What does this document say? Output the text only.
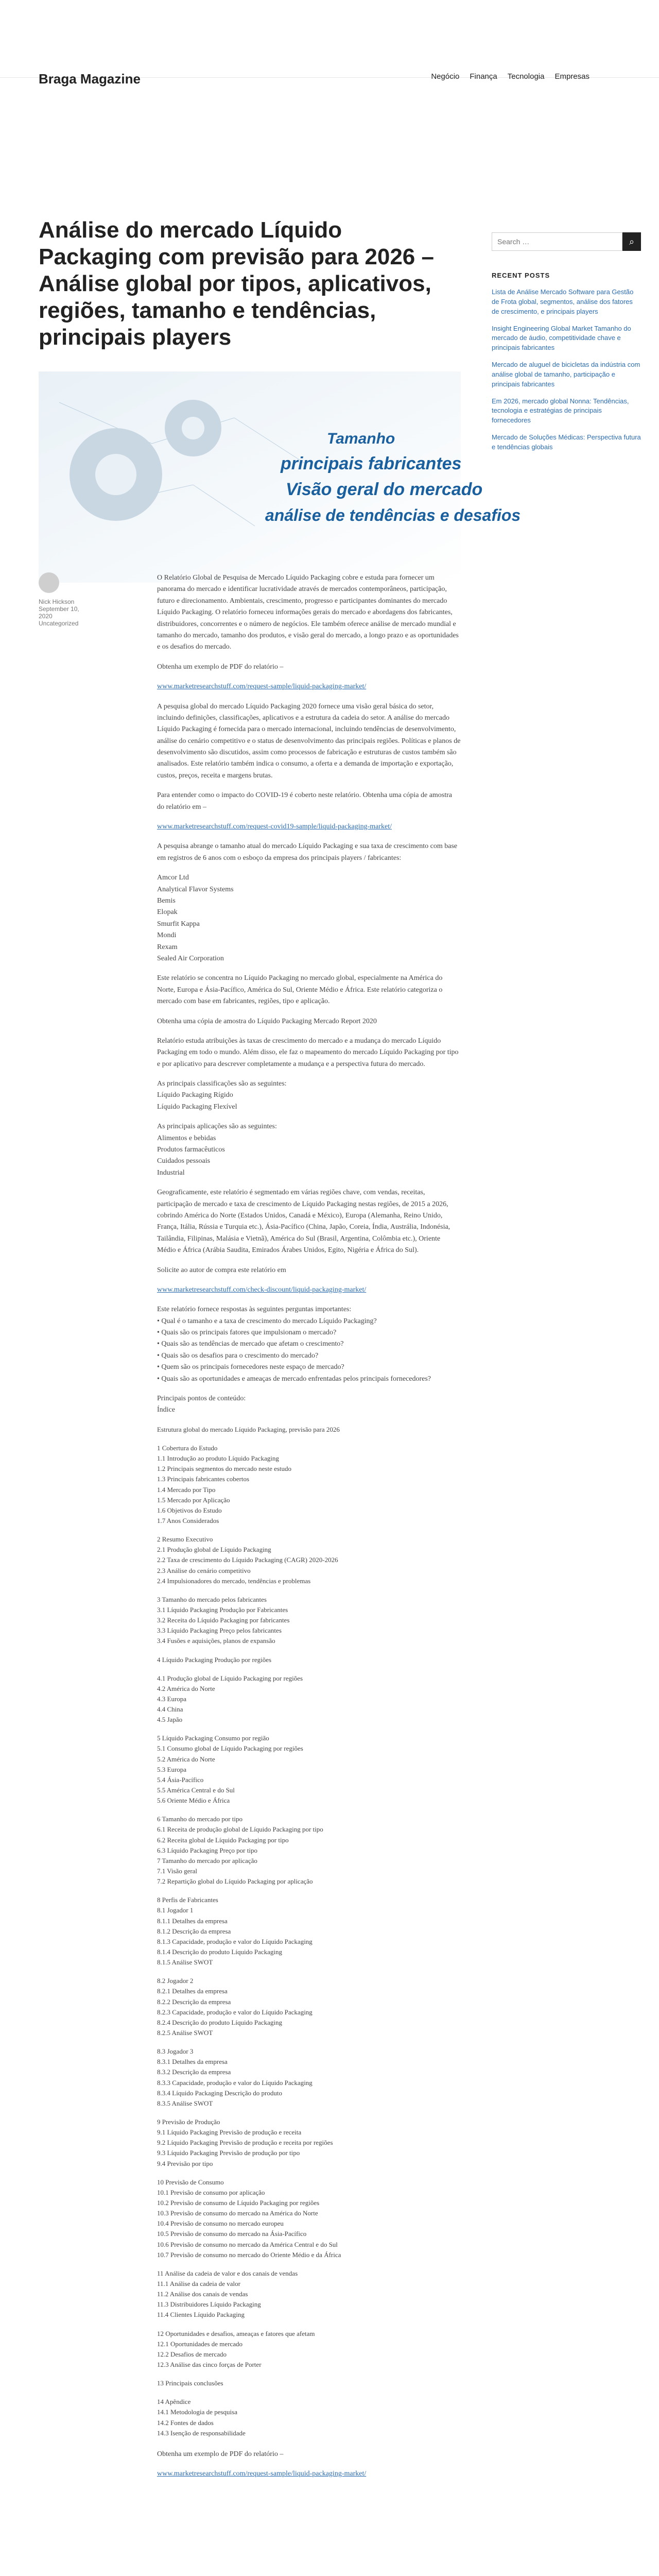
Braga Magazine	Negócio Finança Tecnologia Empresas
Análise do mercado Líquido Packaging com previsão para 2026 – Análise global por tipos, aplicativos, regiões, tamanho e tendências, principais players
Tamanho
principais fabricantes
Visão geral do mercado
análise de tendências e desafios
Nick Hickson
September 10, 2020
Uncategorized

O Relatório Global de Pesquisa de Mercado Líquido Packaging cobre e estuda para fornecer um panorama do mercado e identificar lucratividade através de mercados contemporâneos, participação, futuro e direcionamento. Ambientais, crescimento, progresso e participantes dominantes do mercado Líquido Packaging. O relatório forneceu informações gerais do mercado e abordagens dos fabricantes, distribuidores, concorrentes e o número de negócios. Ele também oferece análise de mercado mundial e tamanho do mercado, tamanho dos produtos, e visão geral do mercado, a longo prazo e as oportunidades e os desafios do mercado.

Obtenha um exemplo de PDF do relatório –

www.marketresearchstuff.com/request-sample/liquid-packaging-market/

A pesquisa global do mercado Líquido Packaging 2020 fornece uma visão geral básica do setor, incluindo definições, classificações, aplicativos e a estrutura da cadeia do setor. A análise do mercado Líquido Packaging é fornecida para o mercado internacional, incluindo tendências de desenvolvimento, análise do cenário competitivo e o status de desenvolvimento das principais regiões. Políticas e planos de desenvolvimento são discutidos, assim como processos de fabricação e estruturas de custos também são analisados. Este relatório também indica o consumo, a oferta e a demanda de importação e exportação, custos, preços, receita e margens brutas.

Para entender como o impacto do COVID-19 é coberto neste relatório. Obtenha uma cópia de amostra do relatório em –

www.marketresearchstuff.com/request-covid19-sample/liquid-packaging-market/

A pesquisa abrange o tamanho atual do mercado Líquido Packaging e sua taxa de crescimento com base em registros de 6 anos com o esboço da empresa dos principais players / fabricantes:

Amcor Ltd
Analytical Flavor Systems
Bemis
Elopak
Smurfit Kappa
Mondi
Rexam
Sealed Air Corporation

Este relatório se concentra no Líquido Packaging no mercado global, especialmente na América do Norte, Europa e Ásia-Pacífico, América do Sul, Oriente Médio e África. Este relatório categoriza o mercado com base em fabricantes, regiões, tipo e aplicação.

Obtenha uma cópia de amostra do Líquido Packaging Mercado Report 2020

Relatório estuda atribuições às taxas de crescimento do mercado e a mudança do mercado Líquido Packaging em todo o mundo. Além disso, ele faz o mapeamento do mercado Líquido Packaging por tipo e por aplicativo para descrever completamente a mudança e a perspectiva futura do mercado.

As principais classificações são as seguintes:
Líquido Packaging Rígido
Líquido Packaging Flexível

As principais aplicações são as seguintes:
Alimentos e bebidas
Produtos farmacêuticos
Cuidados pessoais
Industrial

Geograficamente, este relatório é segmentado em várias regiões chave, com vendas, receitas, participação de mercado e taxa de crescimento de Líquido Packaging nestas regiões, de 2015 a 2026, cobrindo América do Norte (Estados Unidos, Canadá e México), Europa (Alemanha, Reino Unido, França, Itália, Rússia e Turquia etc.), Ásia-Pacífico (China, Japão, Coreia, Índia, Austrália, Indonésia, Tailândia, Filipinas, Malásia e Vietnã), América do Sul (Brasil, Argentina, Colômbia etc.), Oriente Médio e África (Arábia Saudita, Emirados Árabes Unidos, Egito, Nigéria e África do Sul).

Solicite ao autor de compra este relatório em

www.marketresearchstuff.com/check-discount/liquid-packaging-market/

Este relatório fornece respostas às seguintes perguntas importantes:
• Qual é o tamanho e a taxa de crescimento do mercado Líquido Packaging?
• Quais são os principais fatores que impulsionam o mercado?
• Quais são as tendências de mercado que afetam o crescimento?
• Quais são os desafios para o crescimento do mercado?
• Quem são os principais fornecedores neste espaço de mercado?
• Quais são as oportunidades e ameaças de mercado enfrentadas pelos principais fornecedores?

Principais pontos de conteúdo:
Índice

Estrutura global do mercado Líquido Packaging, previsão para 2026
1 Cobertura do Estudo
1.1 Introdução ao produto Líquido Packaging
1.2 Principais segmentos do mercado neste estudo
1.3 Principais fabricantes cobertos
1.4 Mercado por Tipo
1.5 Mercado por Aplicação
1.6 Objetivos do Estudo
1.7 Anos Considerados
2 Resumo Executivo
2.1 Produção global de Líquido Packaging
2.2 Taxa de crescimento do Líquido Packaging (CAGR) 2020-2026
2.3 Análise do cenário competitivo
2.4 Impulsionadores do mercado, tendências e problemas
3 Tamanho do mercado pelos fabricantes
3.1 Líquido Packaging Produção por Fabricantes
3.2 Receita do Líquido Packaging por fabricantes
3.3 Líquido Packaging Preço pelos fabricantes
3.4 Fusões e aquisições, planos de expansão
4 Líquido Packaging Produção por regiões
4.1 Produção global de Líquido Packaging por regiões
4.2 América do Norte
4.3 Europa
4.4 China
4.5 Japão
5 Líquido Packaging Consumo por região
5.1 Consumo global de Líquido Packaging por regiões
5.2 América do Norte
5.3 Europa
5.4 Ásia-Pacífico
5.5 América Central e do Sul
5.6 Oriente Médio e África
6 Tamanho do mercado por tipo
6.1 Receita de produção global de Líquido Packaging por tipo
6.2 Receita global de Líquido Packaging por tipo
6.3 Líquido Packaging Preço por tipo
7 Tamanho do mercado por aplicação
7.1 Visão geral
7.2 Repartição global do Líquido Packaging por aplicação
8 Perfis de Fabricantes
8.1 Jogador 1
8.1.1 Detalhes da empresa
8.1.2 Descrição da empresa
8.1.3 Capacidade, produção e valor do Líquido Packaging
8.1.4 Descrição do produto Líquido Packaging
8.1.5 Análise SWOT
8.2 Jogador 2
8.2.1 Detalhes da empresa
8.2.2 Descrição da empresa
8.2.3 Capacidade, produção e valor do Líquido Packaging
8.2.4 Descrição do produto Líquido Packaging
8.2.5 Análise SWOT
8.3 Jogador 3
8.3.1 Detalhes da empresa
8.3.2 Descrição da empresa
8.3.3 Capacidade, produção e valor do Líquido Packaging
8.3.4 Líquido Packaging Descrição do produto
8.3.5 Análise SWOT
9 Previsão de Produção
9.1 Líquido Packaging Previsão de produção e receita
9.2 Líquido Packaging Previsão de produção e receita por regiões
9.3 Líquido Packaging Previsão de produção por tipo
9.4 Previsão por tipo
10 Previsão de Consumo
10.1 Previsão de consumo por aplicação
10.2 Previsão de consumo de Líquido Packaging por regiões
10.3 Previsão de consumo do mercado na América do Norte
10.4 Previsão de consumo no mercado europeu
10.5 Previsão de consumo do mercado na Ásia-Pacífico
10.6 Previsão de consumo no mercado da América Central e do Sul
10.7 Previsão de consumo no mercado do Oriente Médio e da África
11 Análise da cadeia de valor e dos canais de vendas
11.1 Análise da cadeia de valor
11.2 Análise dos canais de vendas
11.3 Distribuidores Líquido Packaging
11.4 Clientes Líquido Packaging
12 Oportunidades e desafios, ameaças e fatores que afetam
12.1 Oportunidades de mercado
12.2 Desafios de mercado
12.3 Análise das cinco forças de Porter
13 Principais conclusões
14 Apêndice
14.1 Metodologia de pesquisa
14.2 Fontes de dados
14.3 Isenção de responsabilidade

Obtenha um exemplo de PDF do relatório –

www.marketresearchstuff.com/request-sample/liquid-packaging-market/

Search …
⌕
RECENT POSTS
Lista de Análise Mercado Software para Gestão de Frota global, segmentos, análise dos fatores de crescimento, e principais players
Insight Engineering Global Market Tamanho do mercado de áudio, competitividade chave e principais fabricantes
Mercado de aluguel de bicicletas da indústria com análise global de tamanho, participação e principais fabricantes
Em 2026, mercado global Nonna: Tendências, tecnologia e estratégias de principais fornecedores
Mercado de Soluções Médicas: Perspectiva futura e tendências globais
